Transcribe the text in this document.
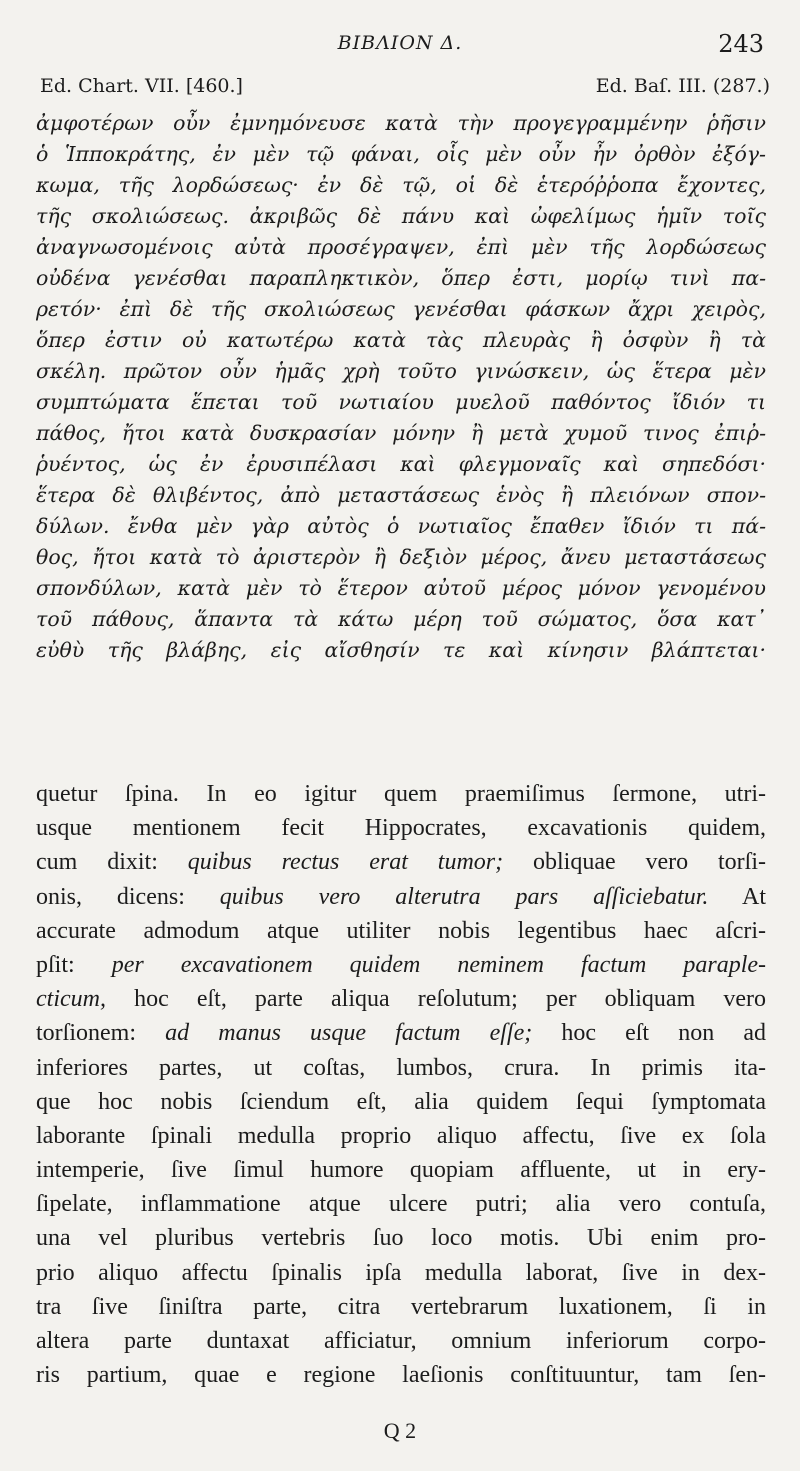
ΒΙΒΛΙΟΝ Δ.	243
Ed. Chart. VII. [460.]	Ed. Baſ. III. (287.)
ἀμφοτέρων οὖν ἐμνημόνευσε κατὰ τὴν προγεγραμμένην ῥῆσιν
ὁ Ἱπποκράτης, ἐν μὲν τῷ φάναι, οἷς μὲν οὖν ἦν ὀρθὸν ἐξόγ-
κωμα, τῆς λορδώσεως· ἐν δὲ τῷ, οἱ δὲ ἑτερόῤῥοπα ἔχοντες,
τῆς σκολιώσεως. ἀκριβῶς δὲ πάνυ καὶ ὠφελίμως ἡμῖν τοῖς
ἀναγνωσομένοις αὐτὰ προσέγραψεν, ἐπὶ μὲν τῆς λορδώσεως
οὐδένα γενέσθαι παραπληκτικὸν, ὅπερ ἐστι, μορίῳ τινὶ πα-
ρετόν· ἐπὶ δὲ τῆς σκολιώσεως γενέσθαι φάσκων ἄχρι χειρὸς,
ὅπερ ἐστιν οὐ κατωτέρω κατὰ τὰς πλευρὰς ἢ ὀσφὺν ἢ τὰ
σκέλη. πρῶτον οὖν ἡμᾶς χρὴ τοῦτο γινώσκειν, ὡς ἕτερα μὲν
συμπτώματα ἕπεται τοῦ νωτιαίου μυελοῦ παθόντος ἴδιόν τι
πάθος, ἤτοι κατὰ δυσκρασίαν μόνην ἢ μετὰ χυμοῦ τινος ἐπιῤ-
ῥυέντος, ὡς ἐν ἐρυσιπέλασι καὶ φλεγμοναῖς καὶ σηπεδόσι·
ἕτερα δὲ θλιβέντος, ἀπὸ μεταστάσεως ἑνὸς ἢ πλειόνων σπον-
δύλων. ἔνθα μὲν γὰρ αὐτὸς ὁ νωτιαῖος ἔπαθεν ἴδιόν τι πά-
θος, ἤτοι κατὰ τὸ ἀριστερὸν ἢ δεξιὸν μέρος, ἄνευ μεταστάσεως
σπονδύλων, κατὰ μὲν τὸ ἕτερον αὐτοῦ μέρος μόνον γενομένου
τοῦ πάθους, ἅπαντα τὰ κάτω μέρη τοῦ σώματος, ὅσα κατ᾽
εὐθὺ τῆς βλάβης, εἰς αἴσθησίν τε καὶ κίνησιν βλάπτεται·
quetur ſpina. In eo igitur quem praemiſimus ſermone, utri-
usque mentionem fecit Hippocrates, excavationis quidem,
cum dixit: quibus rectus erat tumor; obliquae vero torſi-
onis, dicens: quibus vero alterutra pars aſſiciebatur. At
accurate admodum atque utiliter nobis legentibus haec aſcri-
pſit: per excavationem quidem neminem factum paraple-
cticum, hoc eſt, parte aliqua reſolutum; per obliquam vero
torſionem: ad manus usque factum eſſe; hoc eſt non ad
inferiores partes, ut coſtas, lumbos, crura. In primis ita-
que hoc nobis ſciendum eſt, alia quidem ſequi ſymptomata
laborante ſpinali medulla proprio aliquo affectu, ſive ex ſola
intemperie, ſive ſimul humore quopiam affluente, ut in ery-
ſipelate, inflammatione atque ulcere putri; alia vero contuſa,
una vel pluribus vertebris ſuo loco motis. Ubi enim pro-
prio aliquo affectu ſpinalis ipſa medulla laborat, ſive in dex-
tra ſive ſiniſtra parte, citra vertebrarum luxationem, ſi in
altera parte duntaxat afficiatur, omnium inferiorum corpo-
ris partium, quae e regione laeſionis conſtituuntur, tam ſen-
Q 2
